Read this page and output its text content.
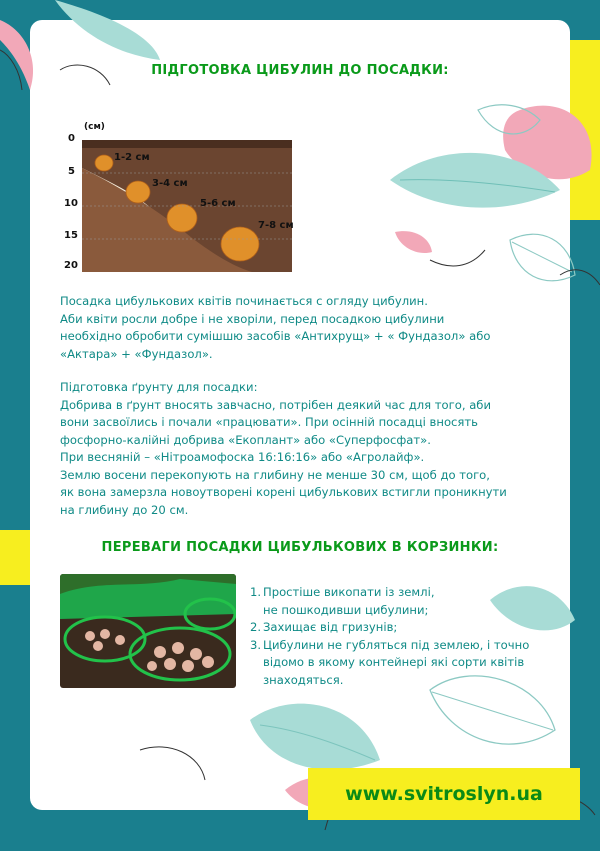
ПІДГОТОВКА ЦИБУЛИН ДО ПОСАДКИ:
(см)
0
5
10
15
20
1-2 см
3-4 см
5-6 см
7-8 см

Посадка цибулькових квітів починається с огляду цибулин.

Аби квіти росли добре і не хворіли, перед посадкою цибулини

необхідно обробити сумішшю засобів «Антихрущ» + « Фундазол» або

«Актара» + «Фундазол».

Підготовка ґрунту для посадки:

Добрива в ґрунт вносять завчасно, потрібен деякий час для того, аби

вони засвоїлись і почали «працювати». При осінній посадці вносять

фосфорно-калійні добрива «Екоплант» або «Суперфосфат».

При весняній – «Нітроамофоска 16:16:16» або «Агролайф».

Землю восени перекопують на глибину не менше 30 см, щоб до того,

як вона замерзла новоутворені корені цибулькових встигли проникнути

на глибину до 20 см.

ПЕРЕВАГИ ПОСАДКИ ЦИБУЛЬКОВИХ В КОРЗИНКИ:
1. Простіше викопати із землі,
не пошкодивши цибулини;
2. Захищає від гризунів;
3. Цибулини не губляться під землею, і точно
відомо в якому контейнері які сорти квітів
знаходяться.
www.svitroslyn.ua
